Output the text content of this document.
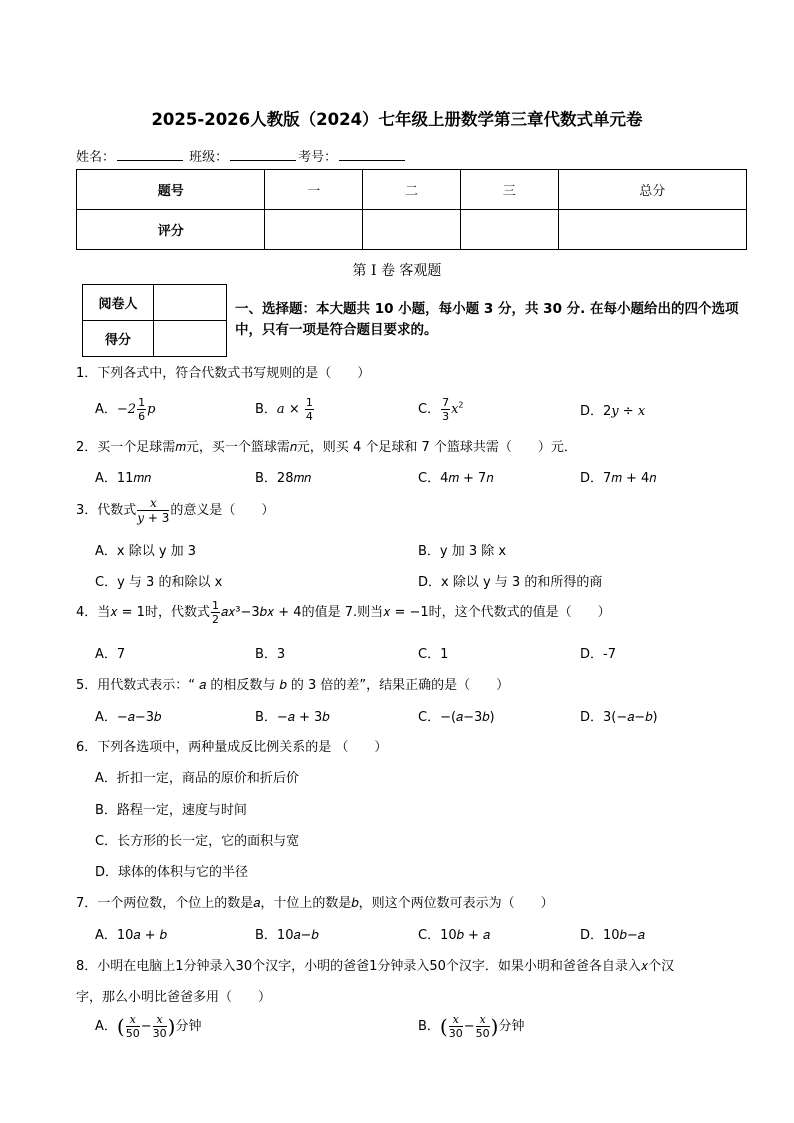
2025-2026人教版（2024）七年级上册数学第三章代数式单元卷
姓名：	班级：	考号：
题号	一	二	三	总分
评分				
第 I 卷 客观题
阅卷人	
得分	
一、选择题：本大题共 10 小题，每小题 3 分，共 30 分. 在每小题给出的四个选项中，只有一项是符合题目要求的。
1．下列各式中，符合代数式书写规则的是（　　）
A．$-2 \frac{1}{6}$ p	B．$a \times \frac{1}{4}$	C． $\frac{7}{3} x^2$	D．2y ÷ x
2．买一个足球需𝑚元，买一个篮球需𝑛元，则买 4 个足球和 7 个篮球共需（　　）元．
A．11𝑚𝑛	B．28𝑚𝑛	C．4𝑚 + 7𝑛	D．7𝑚 + 4𝑛
3．代数式 $\frac{x}{y + 3}$ 的意义是（　　）
A．x 除以 y 加 3	B．y 加 3 除 x
C．y 与 3 的和除以 x	D．x 除以 y 与 3 的和所得的商
4．当𝑥 = 1时，代数式 $\frac{1}{2}$ 𝑎𝑥³−3𝑏𝑥 + 4的值是 7.则当𝑥 = −1时，这个代数式的值是（　　）
A．7	B．3	C．1	D．-7
5．用代数式表示：“ 𝑎 的相反数与 𝑏 的 3 倍的差”，结果正确的是（　　）
A．−𝑎−3𝑏	B．−𝑎 + 3𝑏	C．−(𝑎−3𝑏)	D．3(−𝑎−𝑏)
6．下列各选项中，两种量成反比例关系的是 （　　）
A．折扣一定，商品的原价和折后价
B．路程一定，速度与时间
C．长方形的长一定，它的面积与宽
D．球体的体积与它的半径
7．一个两位数，个位上的数是𝑎，十位上的数是𝑏，则这个两位数可表示为（　　）
A．10𝑎 + 𝑏	B．10𝑎−𝑏	C．10𝑏 + 𝑎	D．10𝑏−𝑎
8．小明在电脑上1分钟录入30个汉字，小明的爸爸1分钟录入50个汉字．如果小明和爸爸各自录入𝑥个汉
字，那么小明比爸爸多用（　　）
A．( $\frac{x}{50} - \frac{x}{30}$ )分钟	B．( $\frac{x}{30} - \frac{x}{50}$ )分钟
